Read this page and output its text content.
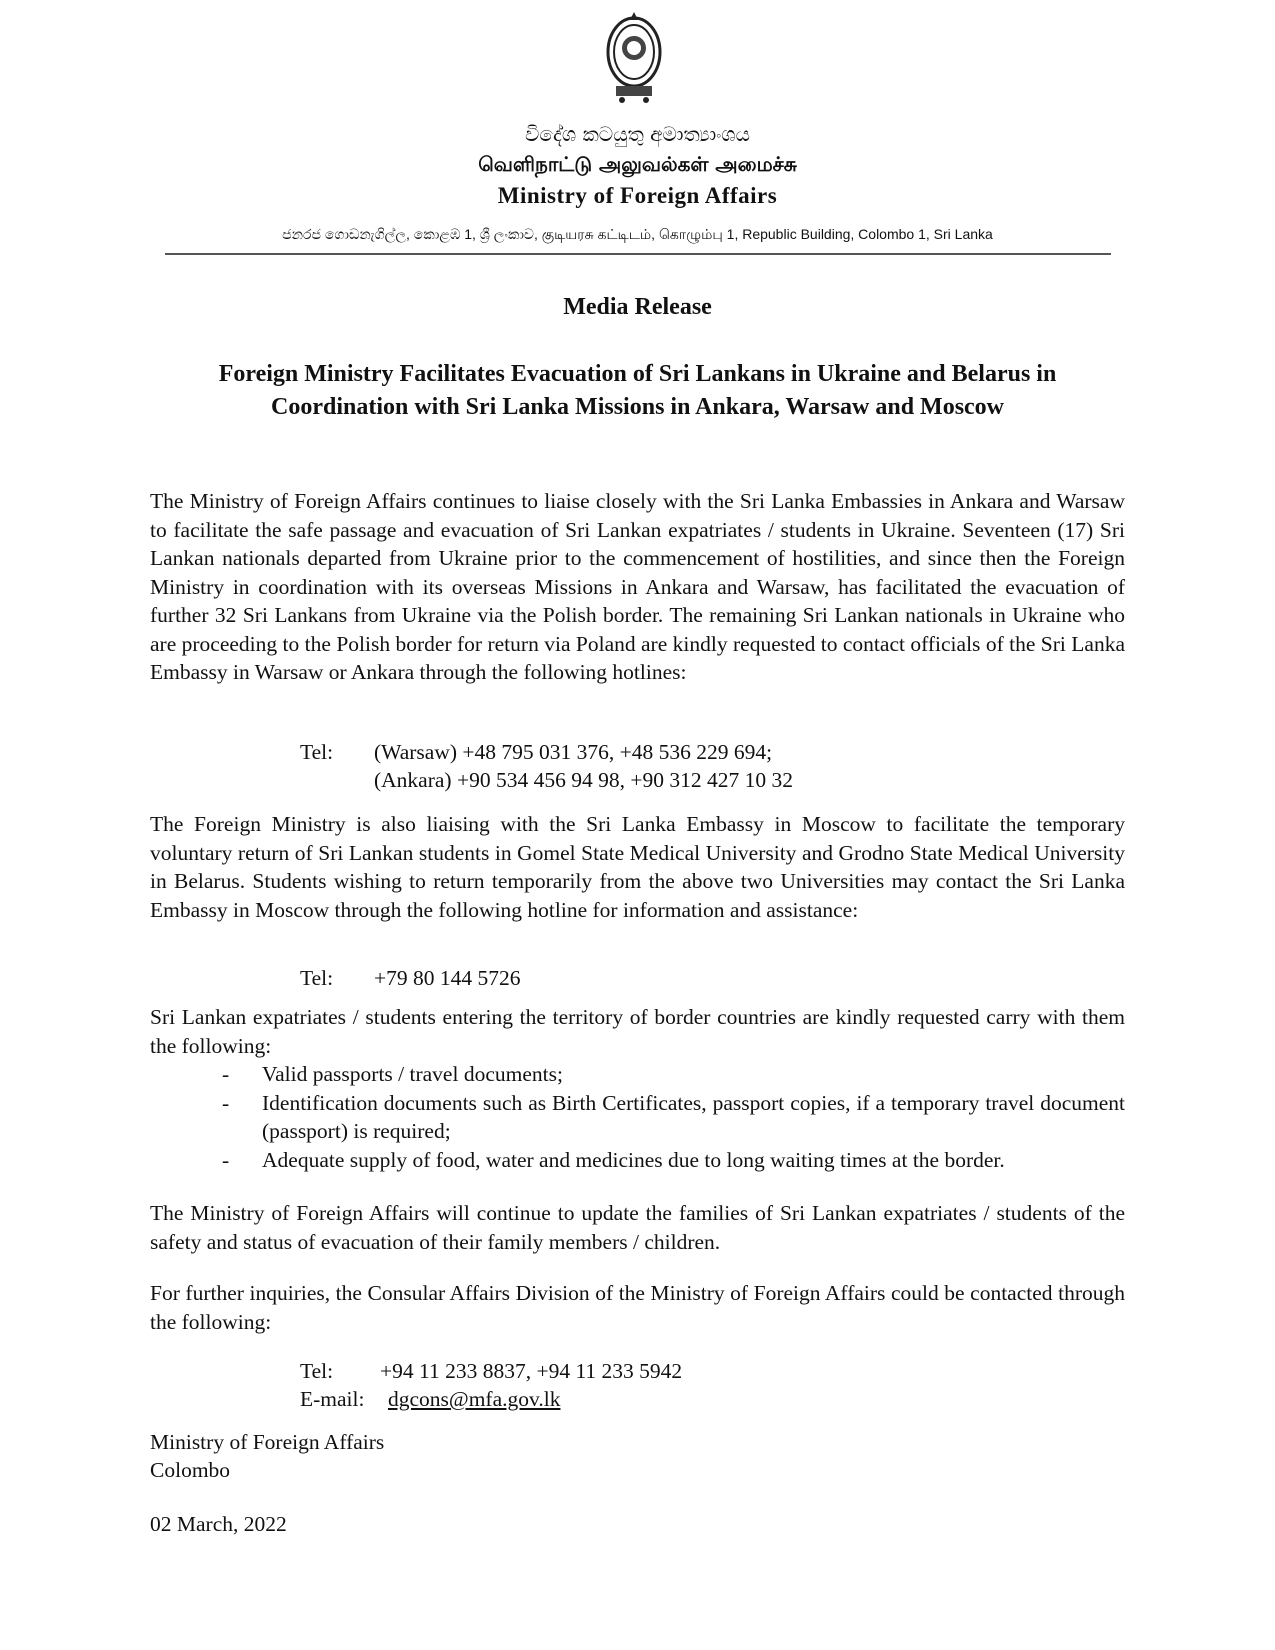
විදේශ කටයුතු අමාත්‍යාංශය
வெளிநாட்டு அலுவல்கள் அமைச்சு
Ministry of Foreign Affairs
ජනරජ ගොඩනැගිල්ල, කොළඹ 1, ශ්‍රී ලංකාව, குடியரசு கட்டிடம், கொழும்பு 1, Republic Building, Colombo 1, Sri Lanka
Media Release
Foreign Ministry Facilitates Evacuation of Sri Lankans in Ukraine and Belarus in Coordination with Sri Lanka Missions in Ankara, Warsaw and Moscow

The Ministry of Foreign Affairs continues to liaise closely with the Sri Lanka Embassies in Ankara and Warsaw to facilitate the safe passage and evacuation of Sri Lankan expatriates / students in Ukraine. Seventeen (17) Sri Lankan nationals departed from Ukraine prior to the commencement of hostilities, and since then the Foreign Ministry in coordination with its overseas Missions in Ankara and Warsaw, has facilitated the evacuation of further 32 Sri Lankans from Ukraine via the Polish border. The remaining Sri Lankan nationals in Ukraine who are proceeding to the Polish border for return via Poland are kindly requested to contact officials of the Sri Lanka Embassy in Warsaw or Ankara through the following hotlines:

Tel: (Warsaw) +48 795 031 376, +48 536 229 694;
(Ankara) +90 534 456 94 98, +90 312 427 10 32

The Foreign Ministry is also liaising with the Sri Lanka Embassy in Moscow to facilitate the temporary voluntary return of Sri Lankan students in Gomel State Medical University and Grodno State Medical University in Belarus. Students wishing to return temporarily from the above two Universities may contact the Sri Lanka Embassy in Moscow through the following hotline for information and assistance:

Tel: +79 80 144 5726

Sri Lankan expatriates / students entering the territory of border countries are kindly requested carry with them the following:

- Valid passports / travel documents;
- Identification documents such as Birth Certificates, passport copies, if a temporary travel document (passport) is required;
- Adequate supply of food, water and medicines due to long waiting times at the border.

The Ministry of Foreign Affairs will continue to update the families of Sri Lankan expatriates / students of the safety and status of evacuation of their family members / children.

For further inquiries, the Consular Affairs Division of the Ministry of Foreign Affairs could be contacted through the following:

Tel: +94 11 233 8837, +94 11 233 5942
E-mail: dgcons@mfa.gov.lk
Ministry of Foreign Affairs
Colombo
02 March, 2022
